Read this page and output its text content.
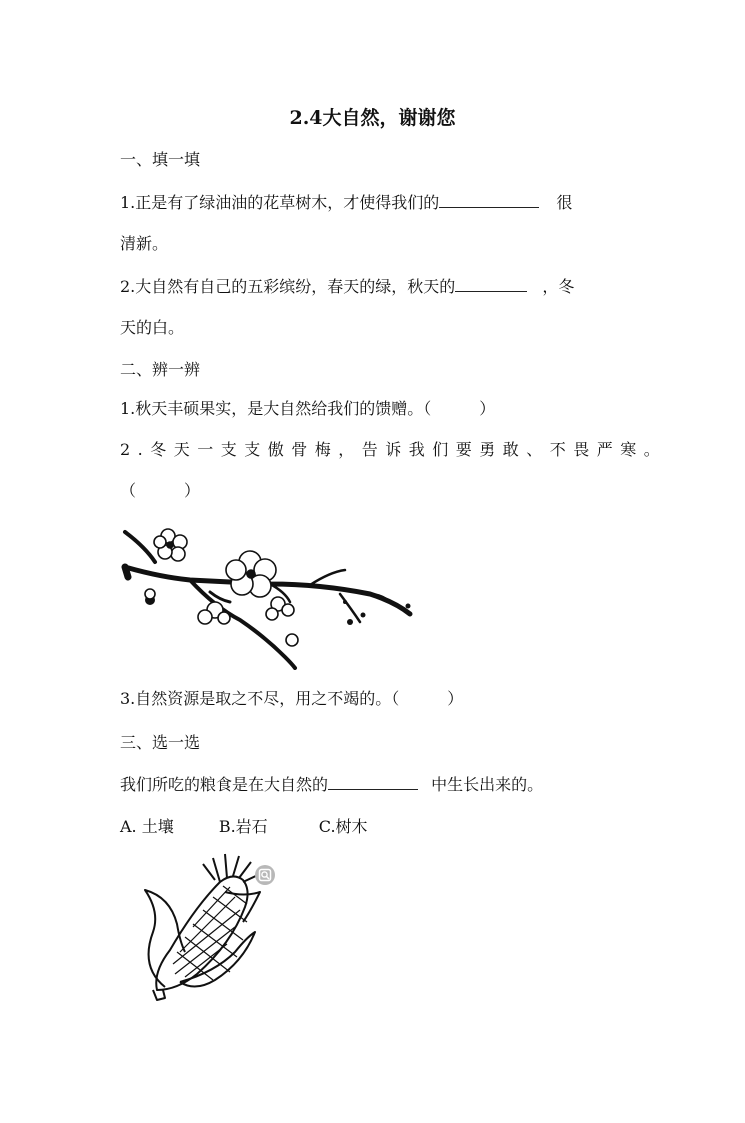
2.4大自然，谢谢您
一、填一填
1.正是有了绿油油的花草树木，才使得我们的	很
清新。
2.大自然有自己的五彩缤纷，春天的绿，秋天的	，冬
天的白。
二、辨一辨
1.秋天丰硕果实，是大自然给我们的馈赠。（　　　）
2.冬天一支支傲骨梅，告诉我们要勇敢、不畏严寒。
（　　　）
3.自然资源是取之不尽，用之不竭的。（　　　）
三、选一选
我们所吃的粮食是在大自然的	中生长出来的。
A. 土壤	B.岩石	C.树木
